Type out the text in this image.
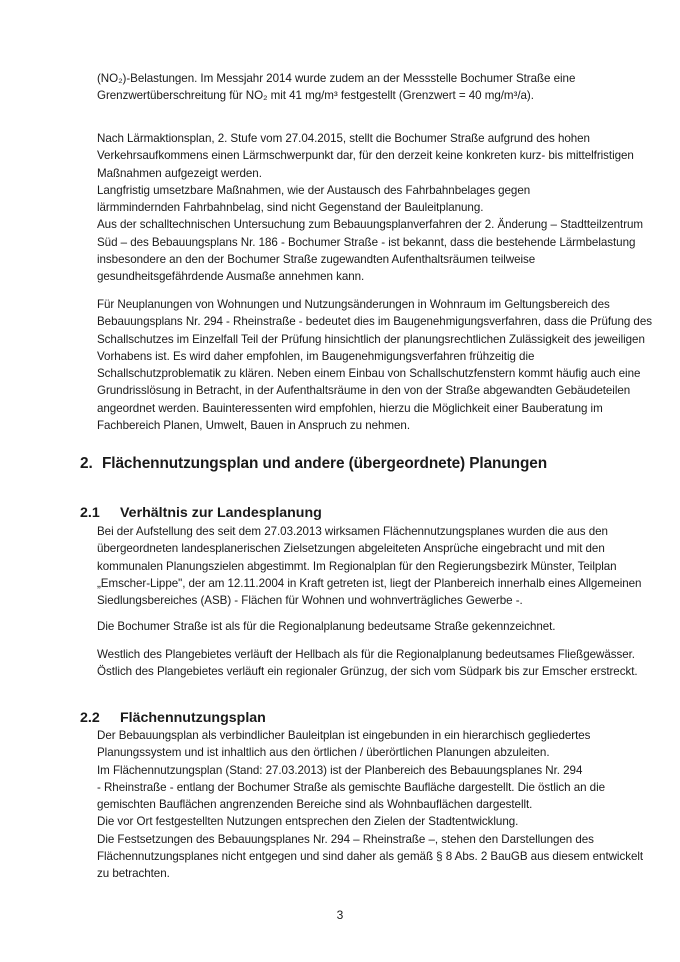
(NO₂)-Belastungen. Im Messjahr 2014 wurde zudem an der Messstelle Bochumer Straße eine
Grenzwertüberschreitung für NO₂ mit 41 mg/m³ festgestellt (Grenzwert = 40 mg/m³/a).
Nach Lärmaktionsplan, 2. Stufe vom 27.04.2015, stellt die Bochumer Straße aufgrund des hohen
Verkehrsaufkommens einen Lärmschwerpunkt dar, für den derzeit keine konkreten kurz- bis mittelfristigen
Maßnahmen aufgezeigt werden.
Langfristig umsetzbare Maßnahmen, wie der Austausch des Fahrbahnbelages gegen
lärmmindernden Fahrbahnbelag, sind nicht Gegenstand der Bauleitplanung.
Aus der schalltechnischen Untersuchung zum Bebauungsplanverfahren der 2. Änderung – Stadtteilzentrum
Süd – des Bebauungsplans Nr. 186 - Bochumer Straße - ist bekannt, dass die bestehende Lärmbelastung
insbesondere an den der Bochumer Straße zugewandten Aufenthaltsräumen teilweise
gesundheitsgefährdende Ausmaße annehmen kann.
Für Neuplanungen von Wohnungen und Nutzungsänderungen in Wohnraum im Geltungsbereich des
Bebauungsplans Nr. 294 - Rheinstraße - bedeutet dies im Baugenehmigungsverfahren, dass die Prüfung des
Schallschutzes im Einzelfall Teil der Prüfung hinsichtlich der planungsrechtlichen Zulässigkeit des jeweiligen
Vorhabens ist. Es wird daher empfohlen, im Baugenehmigungsverfahren frühzeitig die
Schallschutzproblematik zu klären. Neben einem Einbau von Schallschutzfenstern kommt häufig auch eine
Grundrisslösung in Betracht, in der Aufenthaltsräume in den von der Straße abgewandten Gebäudeteilen
angeordnet werden. Bauinteressenten wird empfohlen, hierzu die Möglichkeit einer Bauberatung im
Fachbereich Planen, Umwelt, Bauen in Anspruch zu nehmen.
2. Flächennutzungsplan und andere (übergeordnete) Planungen
2.1 Verhältnis zur Landesplanung
Bei der Aufstellung des seit dem 27.03.2013 wirksamen Flächennutzungsplanes wurden die aus den
übergeordneten landesplanerischen Zielsetzungen abgeleiteten Ansprüche eingebracht und mit den
kommunalen Planungszielen abgestimmt. Im Regionalplan für den Regierungsbezirk Münster, Teilplan
„Emscher-Lippe", der am 12.11.2004 in Kraft getreten ist, liegt der Planbereich innerhalb eines Allgemeinen
Siedlungsbereiches (ASB) - Flächen für Wohnen und wohnverträgliches Gewerbe -.
Die Bochumer Straße ist als für die Regionalplanung bedeutsame Straße gekennzeichnet.
Westlich des Plangebietes verläuft der Hellbach als für die Regionalplanung bedeutsames Fließgewässer.
Östlich des Plangebietes verläuft ein regionaler Grünzug, der sich vom Südpark bis zur Emscher erstreckt.
2.2 Flächennutzungsplan
Der Bebauungsplan als verbindlicher Bauleitplan ist eingebunden in ein hierarchisch gegliedertes
Planungssystem und ist inhaltlich aus den örtlichen / überörtlichen Planungen abzuleiten.
Im Flächennutzungsplan (Stand: 27.03.2013) ist der Planbereich des Bebauungsplanes Nr. 294
- Rheinstraße - entlang der Bochumer Straße als gemischte Baufläche dargestellt. Die östlich an die
gemischten Bauflächen angrenzenden Bereiche sind als Wohnbauflächen dargestellt.
Die vor Ort festgestellten Nutzungen entsprechen den Zielen der Stadtentwicklung.
Die Festsetzungen des Bebauungsplanes Nr. 294 – Rheinstraße –, stehen den Darstellungen des
Flächennutzungsplanes nicht entgegen und sind daher als gemäß § 8 Abs. 2 BauGB aus diesem entwickelt
zu betrachten.
3
